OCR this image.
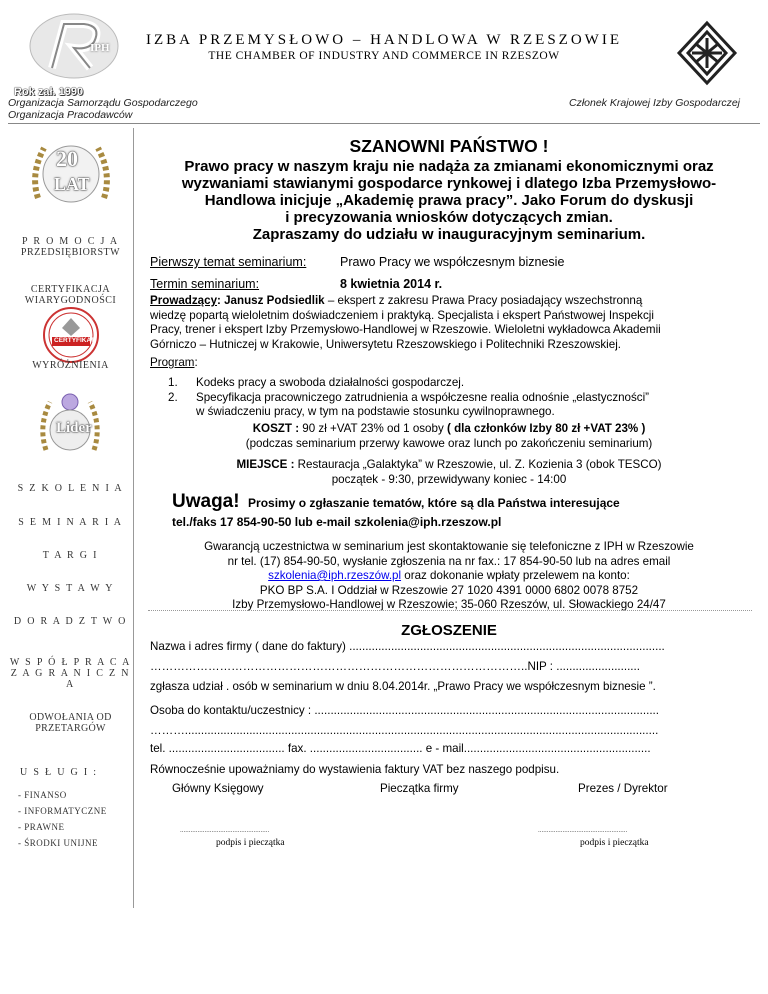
IPH	IZBA PRZEMYSŁOWO – HANDLOWA W RZESZOWIE
THE CHAMBER OF INDUSTRY AND COMMERCE IN RZESZOW
Rok zał. 1990
Organizacja Samorządu Gospodarczego
Organizacja Pracodawców
Członek Krajowej Izby Gospodarczej
20
LAT
P R O M O C J A
PRZEDSIĘBIORSTW
CERTYFIKACJA
WIARYGODNOŚCI
CERTYFIKAT
WYRÓŻNIENIA
Lider
S Z K O L E N I A
S E M I N A R I A
T A R G I
W Y S T A W Y
D O R A D Z T W O
W S P Ó Ł P R A C A
Z A G R A N I C Z N A
ODWOŁANIA OD
PRZETARGÓW
U S Ł U G I :
- FINANSO
- INFORMATYCZNE
- PRAWNE
- ŚRODKI UNIJNE
SZANOWNI PAŃSTWO !
Prawo pracy w naszym kraju nie nadąża za zmianami ekonomicznymi oraz
wyzwaniami stawianymi gospodarce rynkowej i dlatego Izba Przemysłowo-
Handlowa inicjuje „Akademię prawa pracy”. Jako Forum do dyskusji
i precyzowania wniosków dotyczących zmian.
Zapraszamy do udziału w inauguracyjnym seminarium.
Pierwszy temat seminarium:	Prawo Pracy we współczesnym biznesie
Termin seminarium:	8 kwietnia 2014 r.
Prowadzący: Janusz Podsiedlik – ekspert z zakresu Prawa Pracy posiadający wszechstronną
wiedzę popartą wieloletnim doświadczeniem i praktyką. Specjalista i ekspert Państwowej Inspekcji
Pracy, trener i ekspert Izby Przemysłowo-Handlowej w Rzeszowie. Wieloletni wykładowca Akademii
Górniczo – Hutniczej w Krakowie, Uniwersytetu Rzeszowskiego i Politechniki Rzeszowskiej.
Program:
1. Kodeks pracy a swoboda działalności gospodarczej.
2. Specyfikacja pracowniczego zatrudnienia a współczesne realia odnośnie „elastyczności”
w świadczeniu pracy, w tym na podstawie stosunku cywilnoprawnego.
KOSZT : 90 zł +VAT 23% od 1 osoby ( dla członków Izby 80 zł +VAT 23% )
(podczas seminarium przerwy kawowe oraz lunch po zakończeniu seminarium)
MIEJSCE : Restauracja „Galaktyka” w Rzeszowie, ul. Z. Kozienia 3 (obok TESCO)
początek - 9:30, przewidywany koniec - 14:00
Uwaga! Prosimy o zgłaszanie tematów, które są dla Państwa interesujące
tel./faks 17 854-90-50 lub e-mail szkolenia@iph.rzeszow.pl
Gwarancją uczestnictwa w seminarium jest skontaktowanie się telefoniczne z IPH w Rzeszowie
nr tel. (17) 854-90-50, wysłanie zgłoszenia na nr fax.: 17 854-90-50 lub na adres email
szkolenia@iph.rzeszów.pl oraz dokonanie wpłaty przelewem na konto:
PKO BP S.A. I Oddział w Rzeszowie 27 1020 4391 0000 6802 0078 8752
Izby Przemysłowo-Handlowej w Rzeszowie; 35-060 Rzeszów, ul. Słowackiego 24/47
ZGŁOSZENIE
Nazwa i adres firmy ( dane do faktury) ..................................................................................................
……………………………………………………………………………………..NIP : ..........................
zgłasza udział . osób w seminarium w dniu 8.04.2014r. „Prawo Pracy we współczesnym biznesie ”.
Osoba do kontaktu/uczestnicy : ...........................................................................................................
………...................................................................................................................................................
tel. .................................... fax. ................................... e - mail..........................................................
Równocześnie upoważniamy do wystawienia faktury VAT bez naszego podpisu.
Główny Księgowy	Pieczątka firmy	Prezes / Dyrektor
...................................................
podpis i pieczątka
...................................................
podpis i pieczątka
